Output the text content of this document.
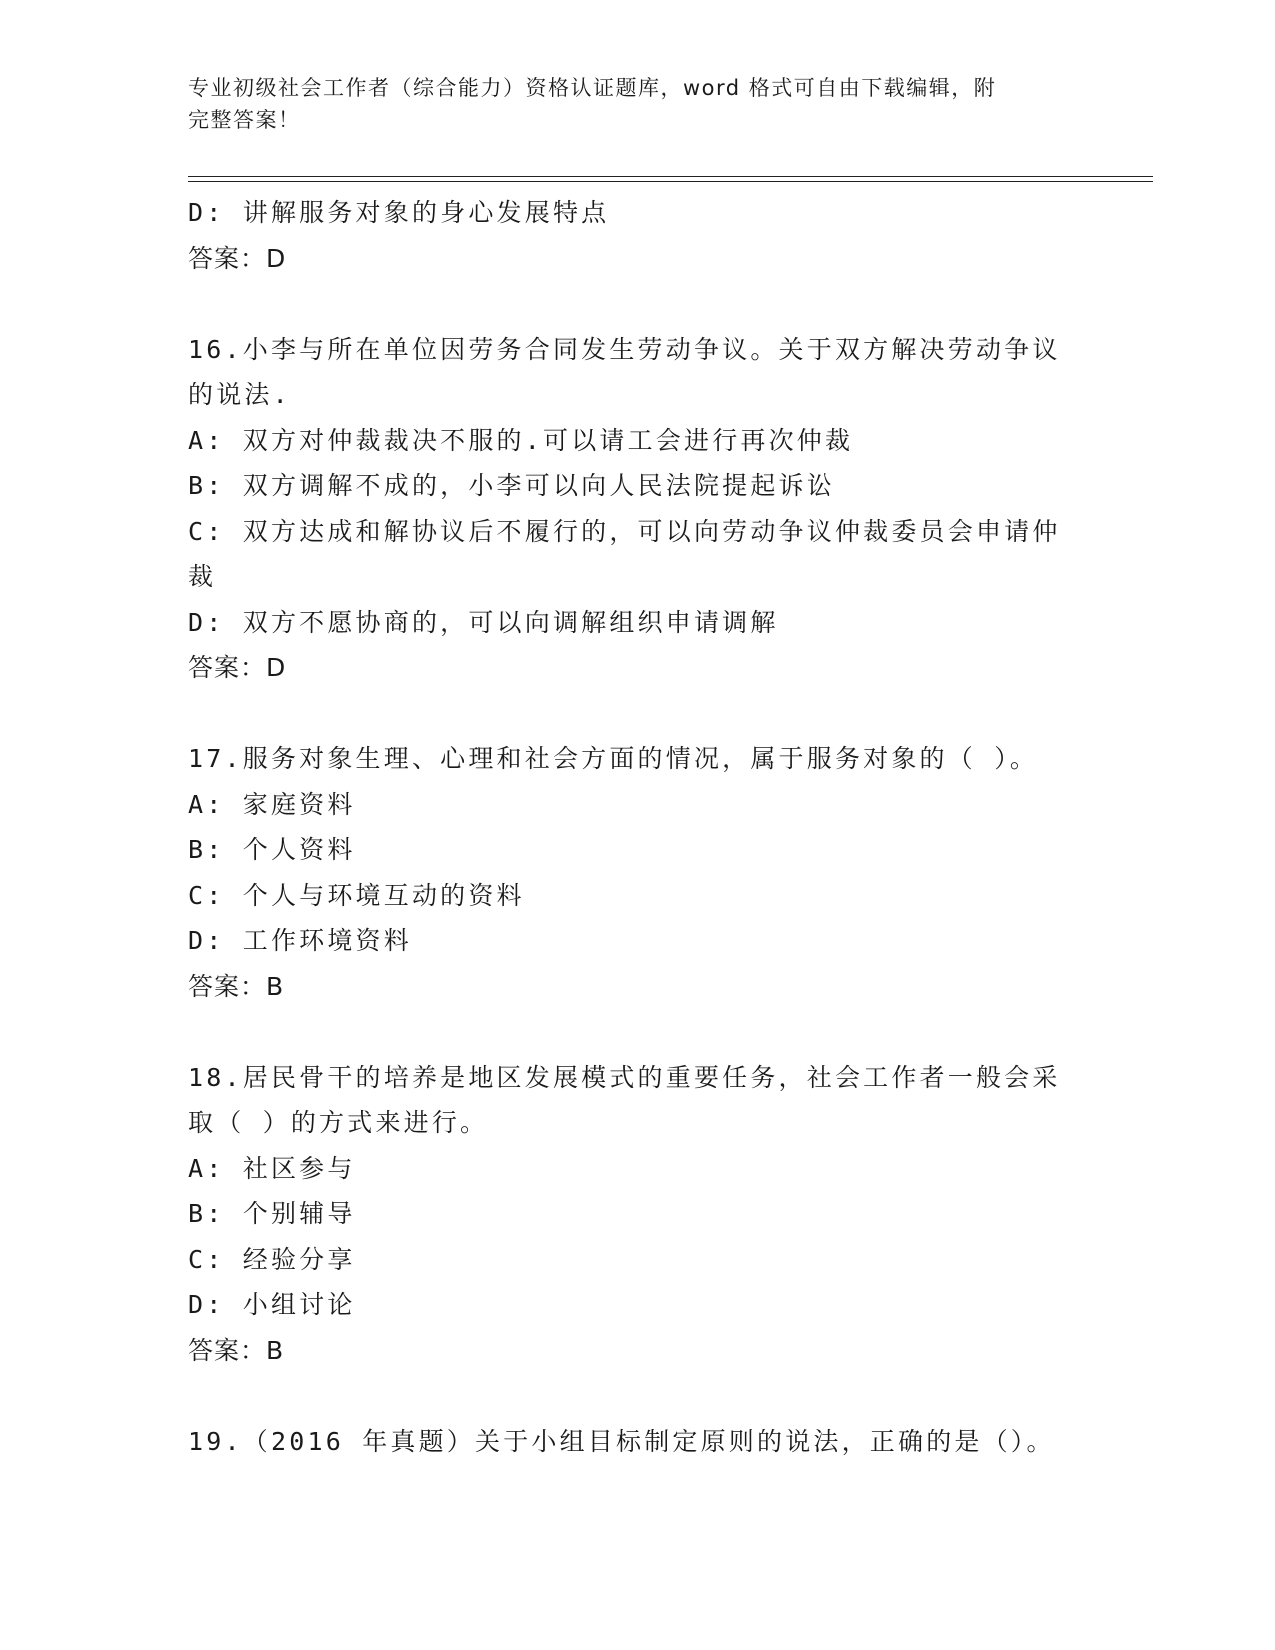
专业初级社会工作者（综合能力）资格认证题库，word 格式可自由下载编辑，附
完整答案！

D: 讲解服务对象的身心发展特点

答案：D

16.小李与所在单位因劳务合同发生劳动争议。关于双方解决劳动争议

的说法.

A: 双方对仲裁裁决不服的.可以请工会进行再次仲裁

B: 双方调解不成的，小李可以向人民法院提起诉讼

C: 双方达成和解协议后不履行的，可以向劳动争议仲裁委员会申请仲

裁

D: 双方不愿协商的，可以向调解组织申请调解

答案：D

17.服务对象生理、心理和社会方面的情况，属于服务对象的（ ）。

A: 家庭资料

B: 个人资料

C: 个人与环境互动的资料

D: 工作环境资料

答案：B

18.居民骨干的培养是地区发展模式的重要任务，社会工作者一般会采

取（ ）的方式来进行。

A: 社区参与

B: 个别辅导

C: 经验分享

D: 小组讨论

答案：B

19.（2016 年真题）关于小组目标制定原则的说法，正确的是（）。
